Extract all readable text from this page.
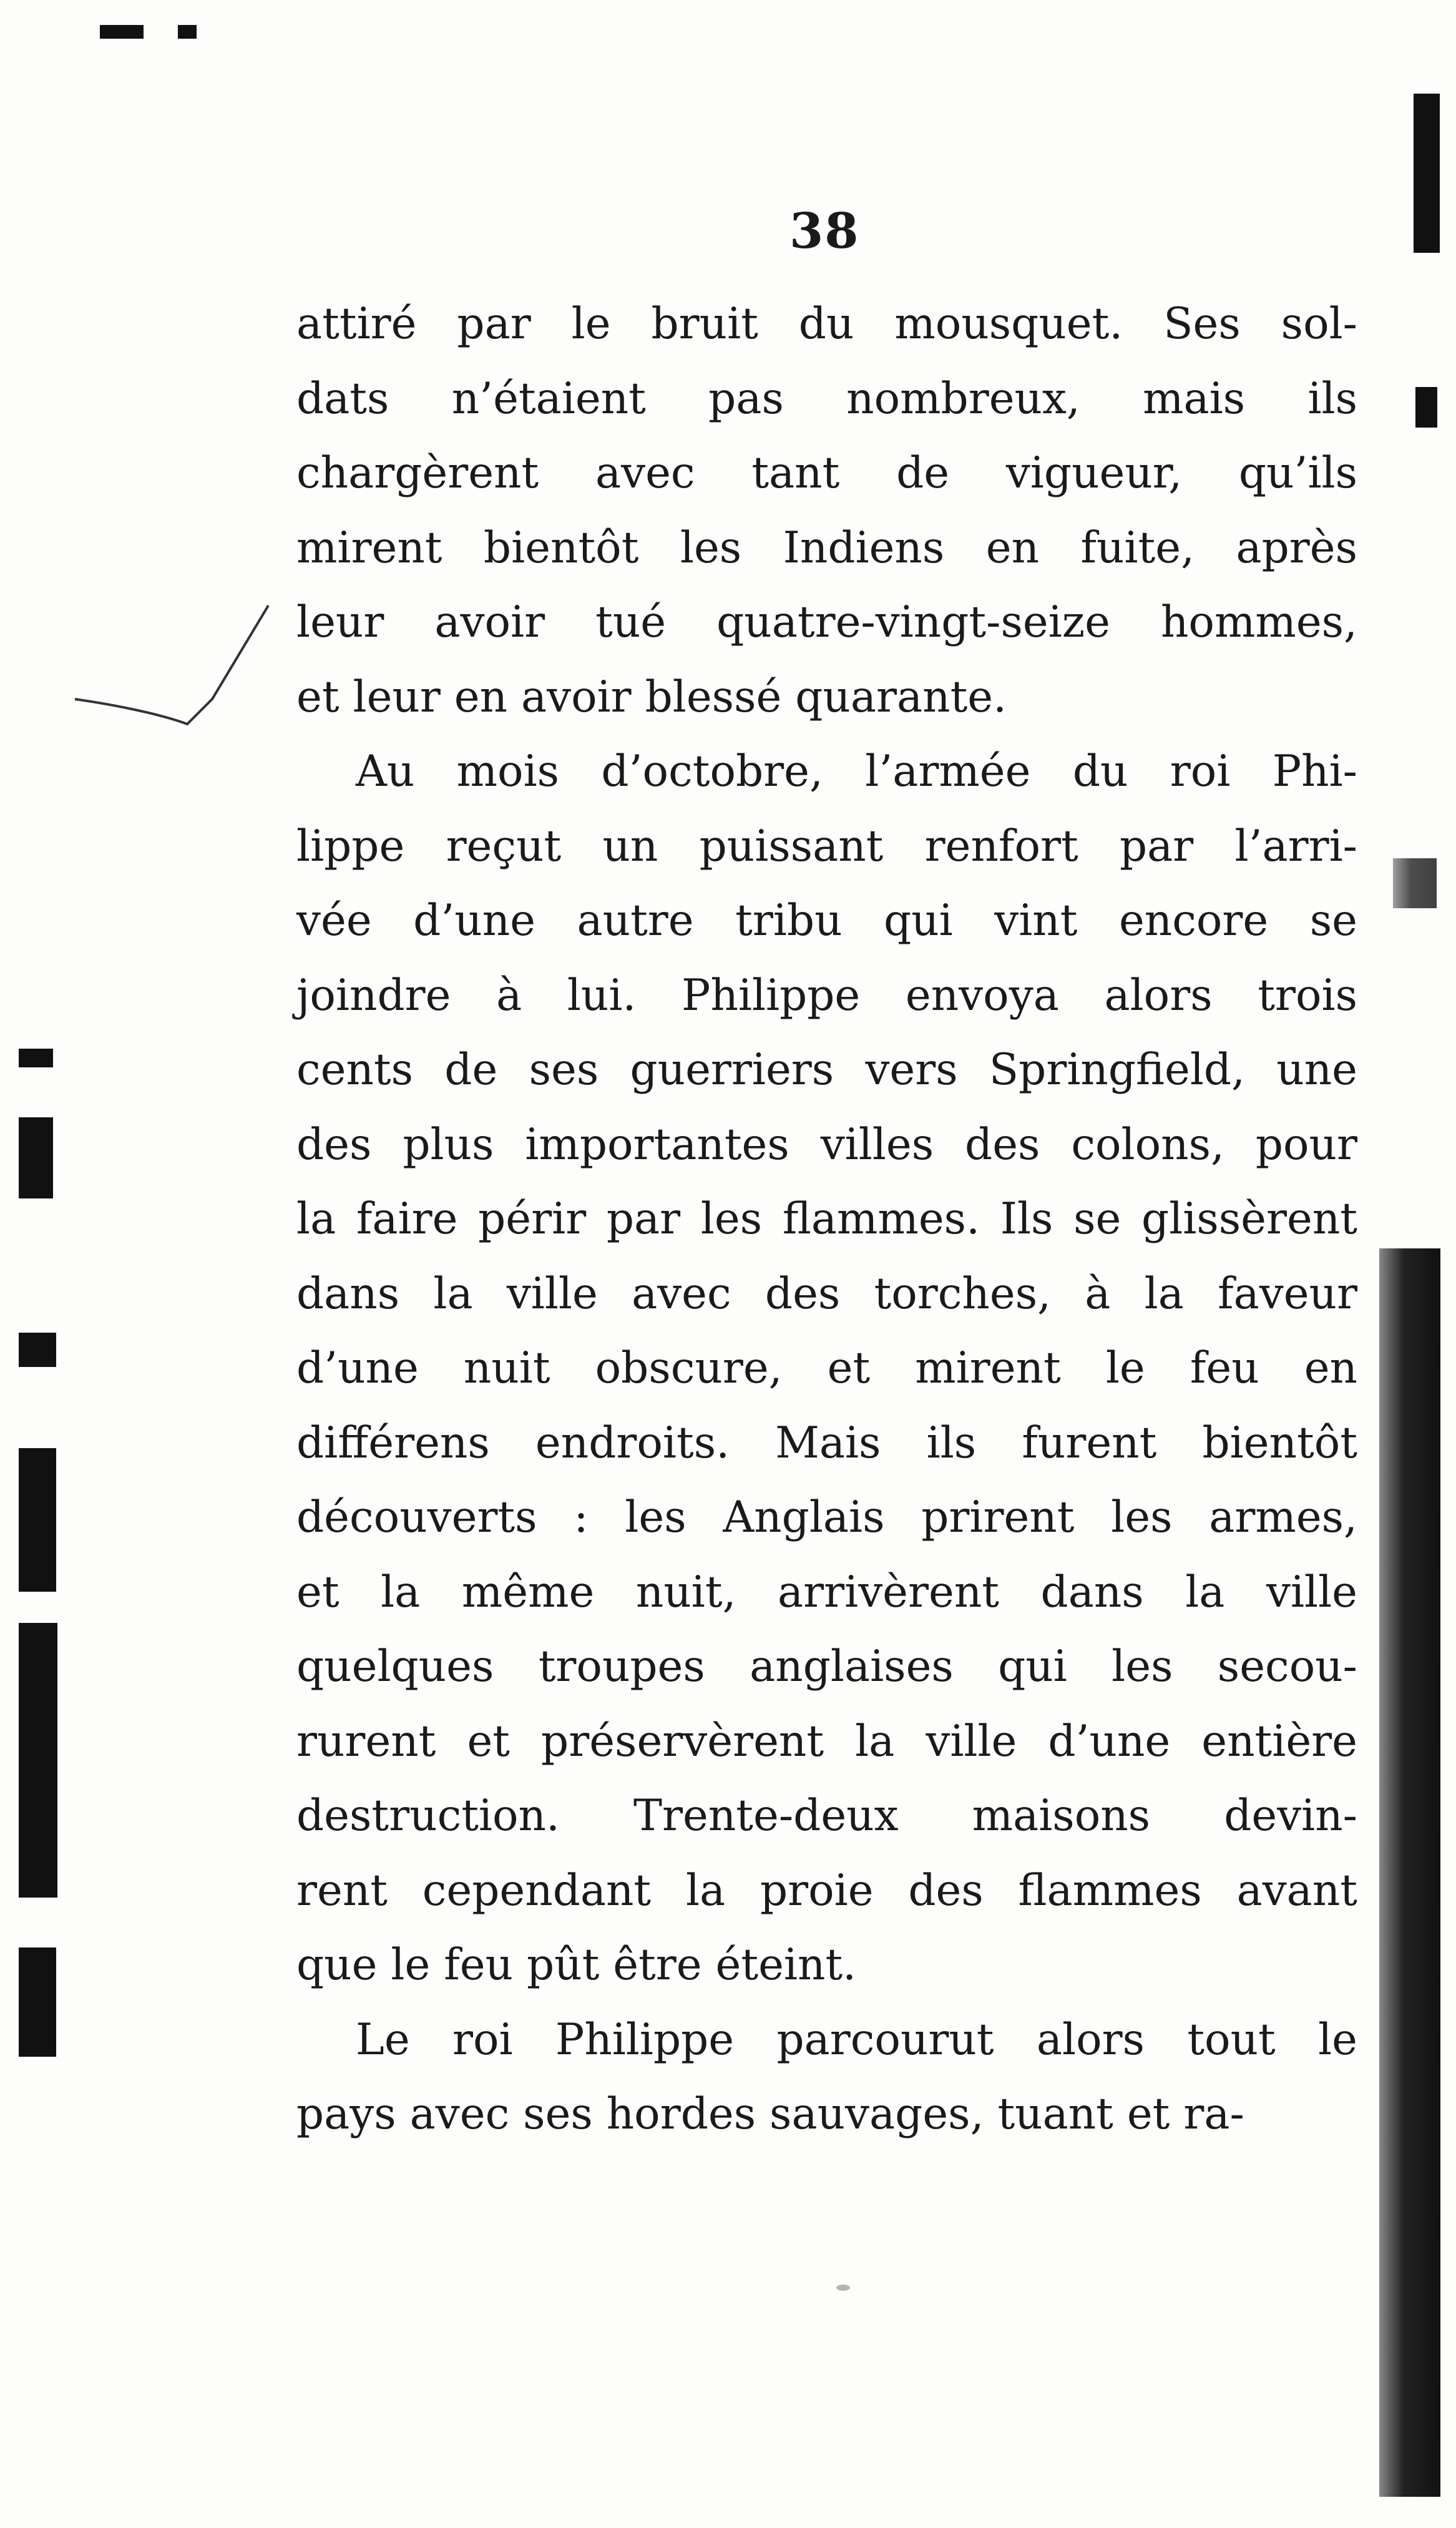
38
attiré par le bruit du mousquet. Ses sol-
dats n’étaient pas nombreux, mais ils
chargèrent avec tant de vigueur, qu’ils
mirent bientôt les Indiens en fuite, après
leur avoir tué quatre-vingt-seize hommes,
et leur en avoir blessé quarante.
Au mois d’octobre, l’armée du roi Phi-
lippe reçut un puissant renfort par l’arri-
vée d’une autre tribu qui vint encore se
joindre à lui. Philippe envoya alors trois
cents de ses guerriers vers Springfield, une
des plus importantes villes des colons, pour
la faire périr par les flammes. Ils se glissèrent
dans la ville avec des torches, à la faveur
d’une nuit obscure, et mirent le feu en
différens endroits. Mais ils furent bientôt
découverts : les Anglais prirent les armes,
et la même nuit, arrivèrent dans la ville
quelques troupes anglaises qui les secou-
rurent et préservèrent la ville d’une entière
destruction. Trente-deux maisons devin-
rent cependant la proie des flammes avant
que le feu pût être éteint.
Le roi Philippe parcourut alors tout le
pays avec ses hordes sauvages, tuant et ra-
